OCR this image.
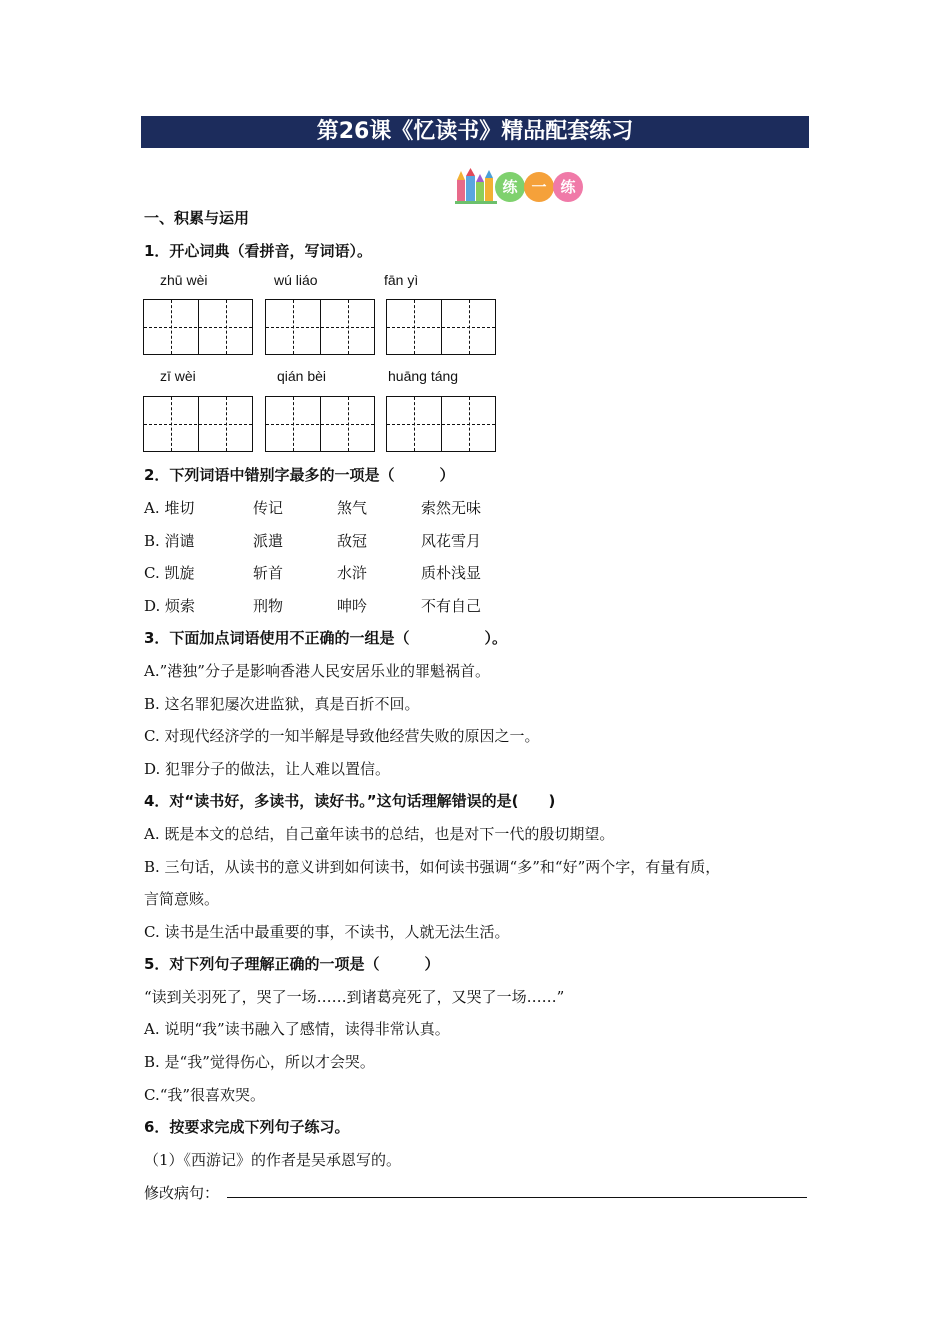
第26课《忆读书》精品配套练习
练 一 练
一、积累与运用
1．开心词典（看拼音，写词语）。
zhū wèi	wú liáo	fān yì
zī wèi	qián bèi	huāng táng
2．下列词语中错别字最多的一项是（　　　）
A. 堆切	传记	煞气	索然无味
B. 消谴	派遣	敌冠	风花雪月
C. 凯旋	斩首	水浒	质朴浅显
D. 烦索	刑物	呻吟	不有自己
3．下面加点词语使用不正确的一组是（　　　　　）。
A.”港独”分子是影响香港人民安居乐业的罪魁祸首。
B. 这名罪犯屡次进监狱，真是百折不回。
C. 对现代经济学的一知半解是导致他经营失败的原因之一。
D. 犯罪分子的做法，让人难以置信。
4．对“读书好，多读书，读好书。”这句话理解错误的是(　　)
A. 既是本文的总结，自己童年读书的总结，也是对下一代的殷切期望。
B. 三句话，从读书的意义讲到如何读书，如何读书强调“多”和“好”两个字，有量有质，
言简意赅。
C. 读书是生活中最重要的事，不读书，人就无法生活。
5．对下列句子理解正确的一项是（　　　）
“读到关羽死了，哭了一场……到诸葛亮死了，又哭了一场……”
A. 说明“我”读书融入了感情，读得非常认真。
B. 是“我”觉得伤心，所以才会哭。
C.“我”很喜欢哭。
6．按要求完成下列句子练习。
（1）《西游记》的作者是吴承恩写的。
修改病句：
